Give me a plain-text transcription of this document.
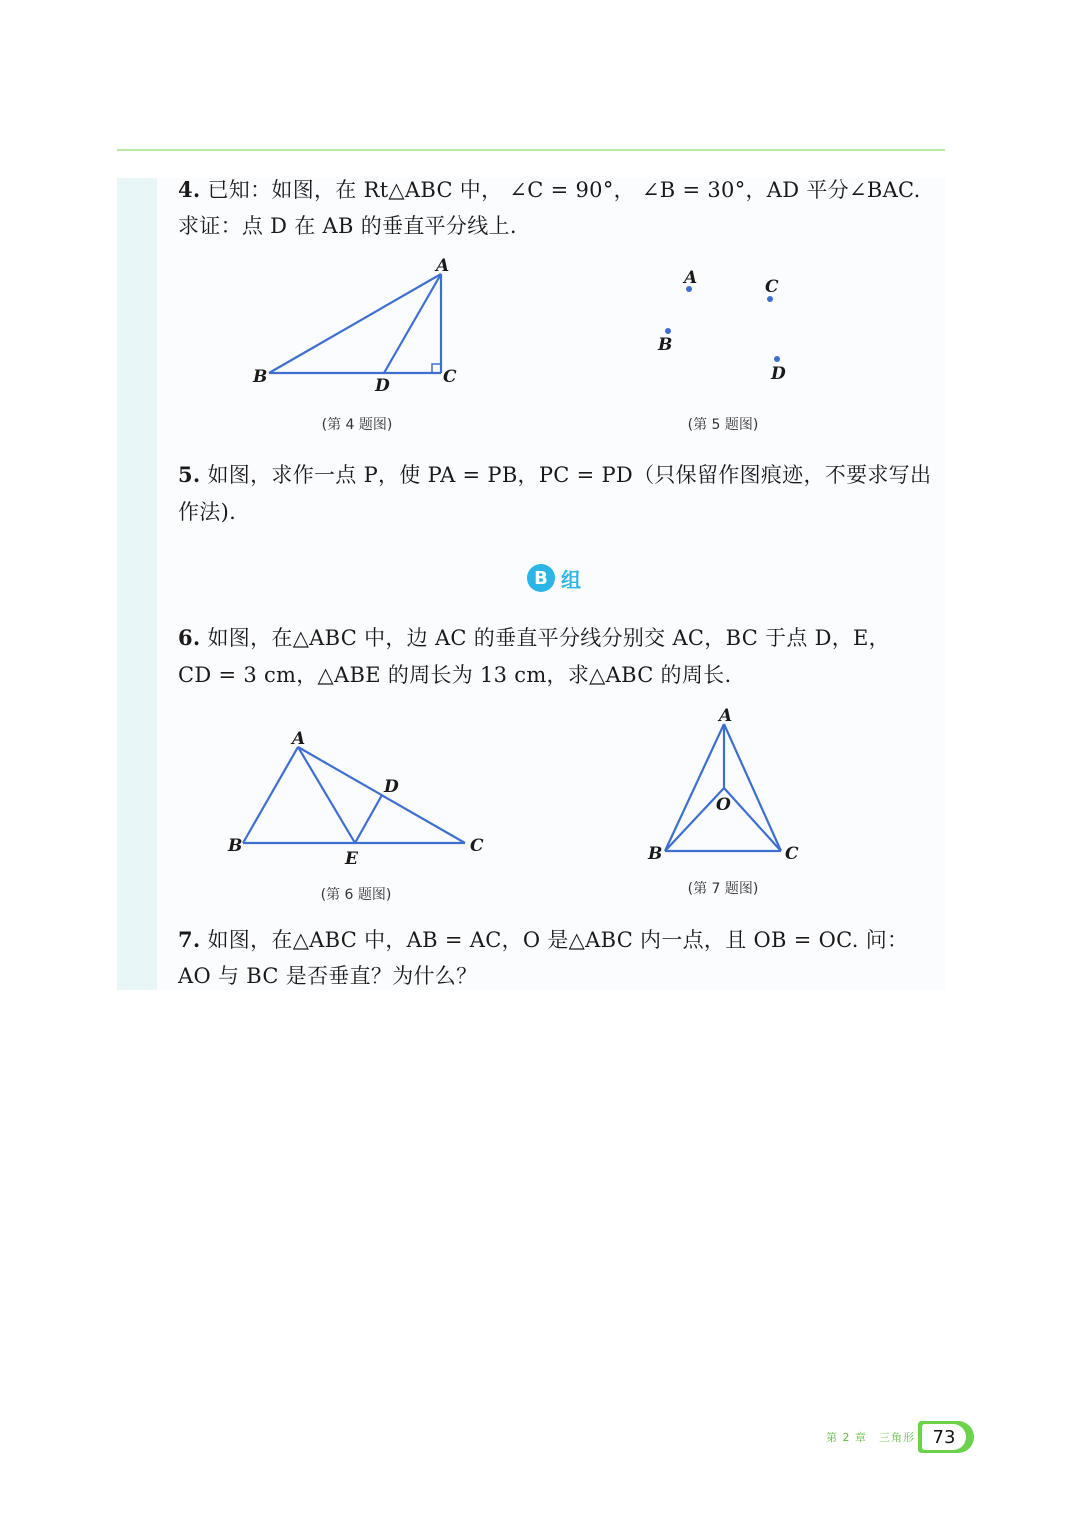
4. 已知：如图，在 Rt△ABC 中， ∠C = 90°， ∠B = 30°，AD 平分∠BAC.
求证：点 D 在 AB 的垂直平分线上.
A
B	C
D
(第 4 题图)
A	C
B
D
(第 5 题图)
5. 如图，求作一点 P，使 PA = PB，PC = PD（只保留作图痕迹，不要求写出
作法).
B 组
6. 如图，在△ABC 中，边 AC 的垂直平分线分别交 AC，BC 于点 D，E，
CD = 3 cm，△ABE 的周长为 13 cm，求△ABC 的周长.
A
B	C
D
E
(第 6 题图)
A
B	C
O
(第 7 题图)
7. 如图，在△ABC 中，AB = AC，O 是△ABC 内一点，且 OB = OC. 问：
AO 与 BC 是否垂直？为什么？
第 2 章　三角形 73
